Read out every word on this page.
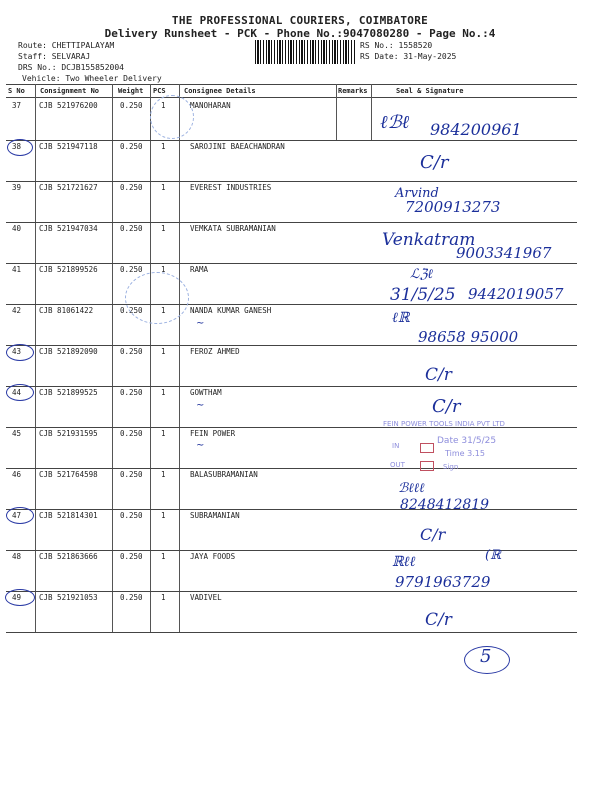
THE PROFESSIONAL COURIERS, COIMBATORE
Delivery Runsheet - PCK - Phone No.:9047080280 - Page No.:4
Route: CHETTIPALAYAM
Staff: SELVARAJ
DRS No.: DCJB155852004
Vehicle: Two Wheeler Delivery
RS No.: 1558520
RS Date: 31-May-2025
S No Consignment No	Weight PCS	Consignee Details	Remarks	Seal & Signature
37 CJB 521976200	0.250 1	MANOHARAN
38 CJB 521947118	0.250 1	SAROJINI BAEACHANDRAN
39 CJB 521721627	0.250 1	EVEREST INDUSTRIES
40 CJB 521947034	0.250 1	VEMKATA SUBRAMANIAN
41 CJB 521899526	0.250 1	RAMA
42 CJB 81061422	0.250 1	NANDA KUMAR GANESH
43 CJB 521892090	0.250 1	FEROZ AHMED
44 CJB 521899525	0.250 1	GOWTHAM
45 CJB 521931595	0.250 1	FEIN POWER
46 CJB 521764598	0.250 1	BALASUBRAMANIAN
47 CJB 521814301	0.250 1	SUBRAMANIAN
48 CJB 521863666	0.250 1	JAYA FOODS
49 CJB 521921053	0.250 1	VADIVEL
ℓℬℓ 984200961
C/r
Arvind
7200913273
Venkatram
9003341967
ℒℨℓ
31/5/25 9442019057
ℓℝ
98658 95000
C/r
C/r
ℬℓℓℓ
8248412819
C/r
ℝℓℓ	(ℝ
9791963729
C/r
5
FEIN POWER TOOLS INDIA PVT LTD
IN	Date 31/5/25
Time 3.15
OUT	Sign
∼
∼
∼
